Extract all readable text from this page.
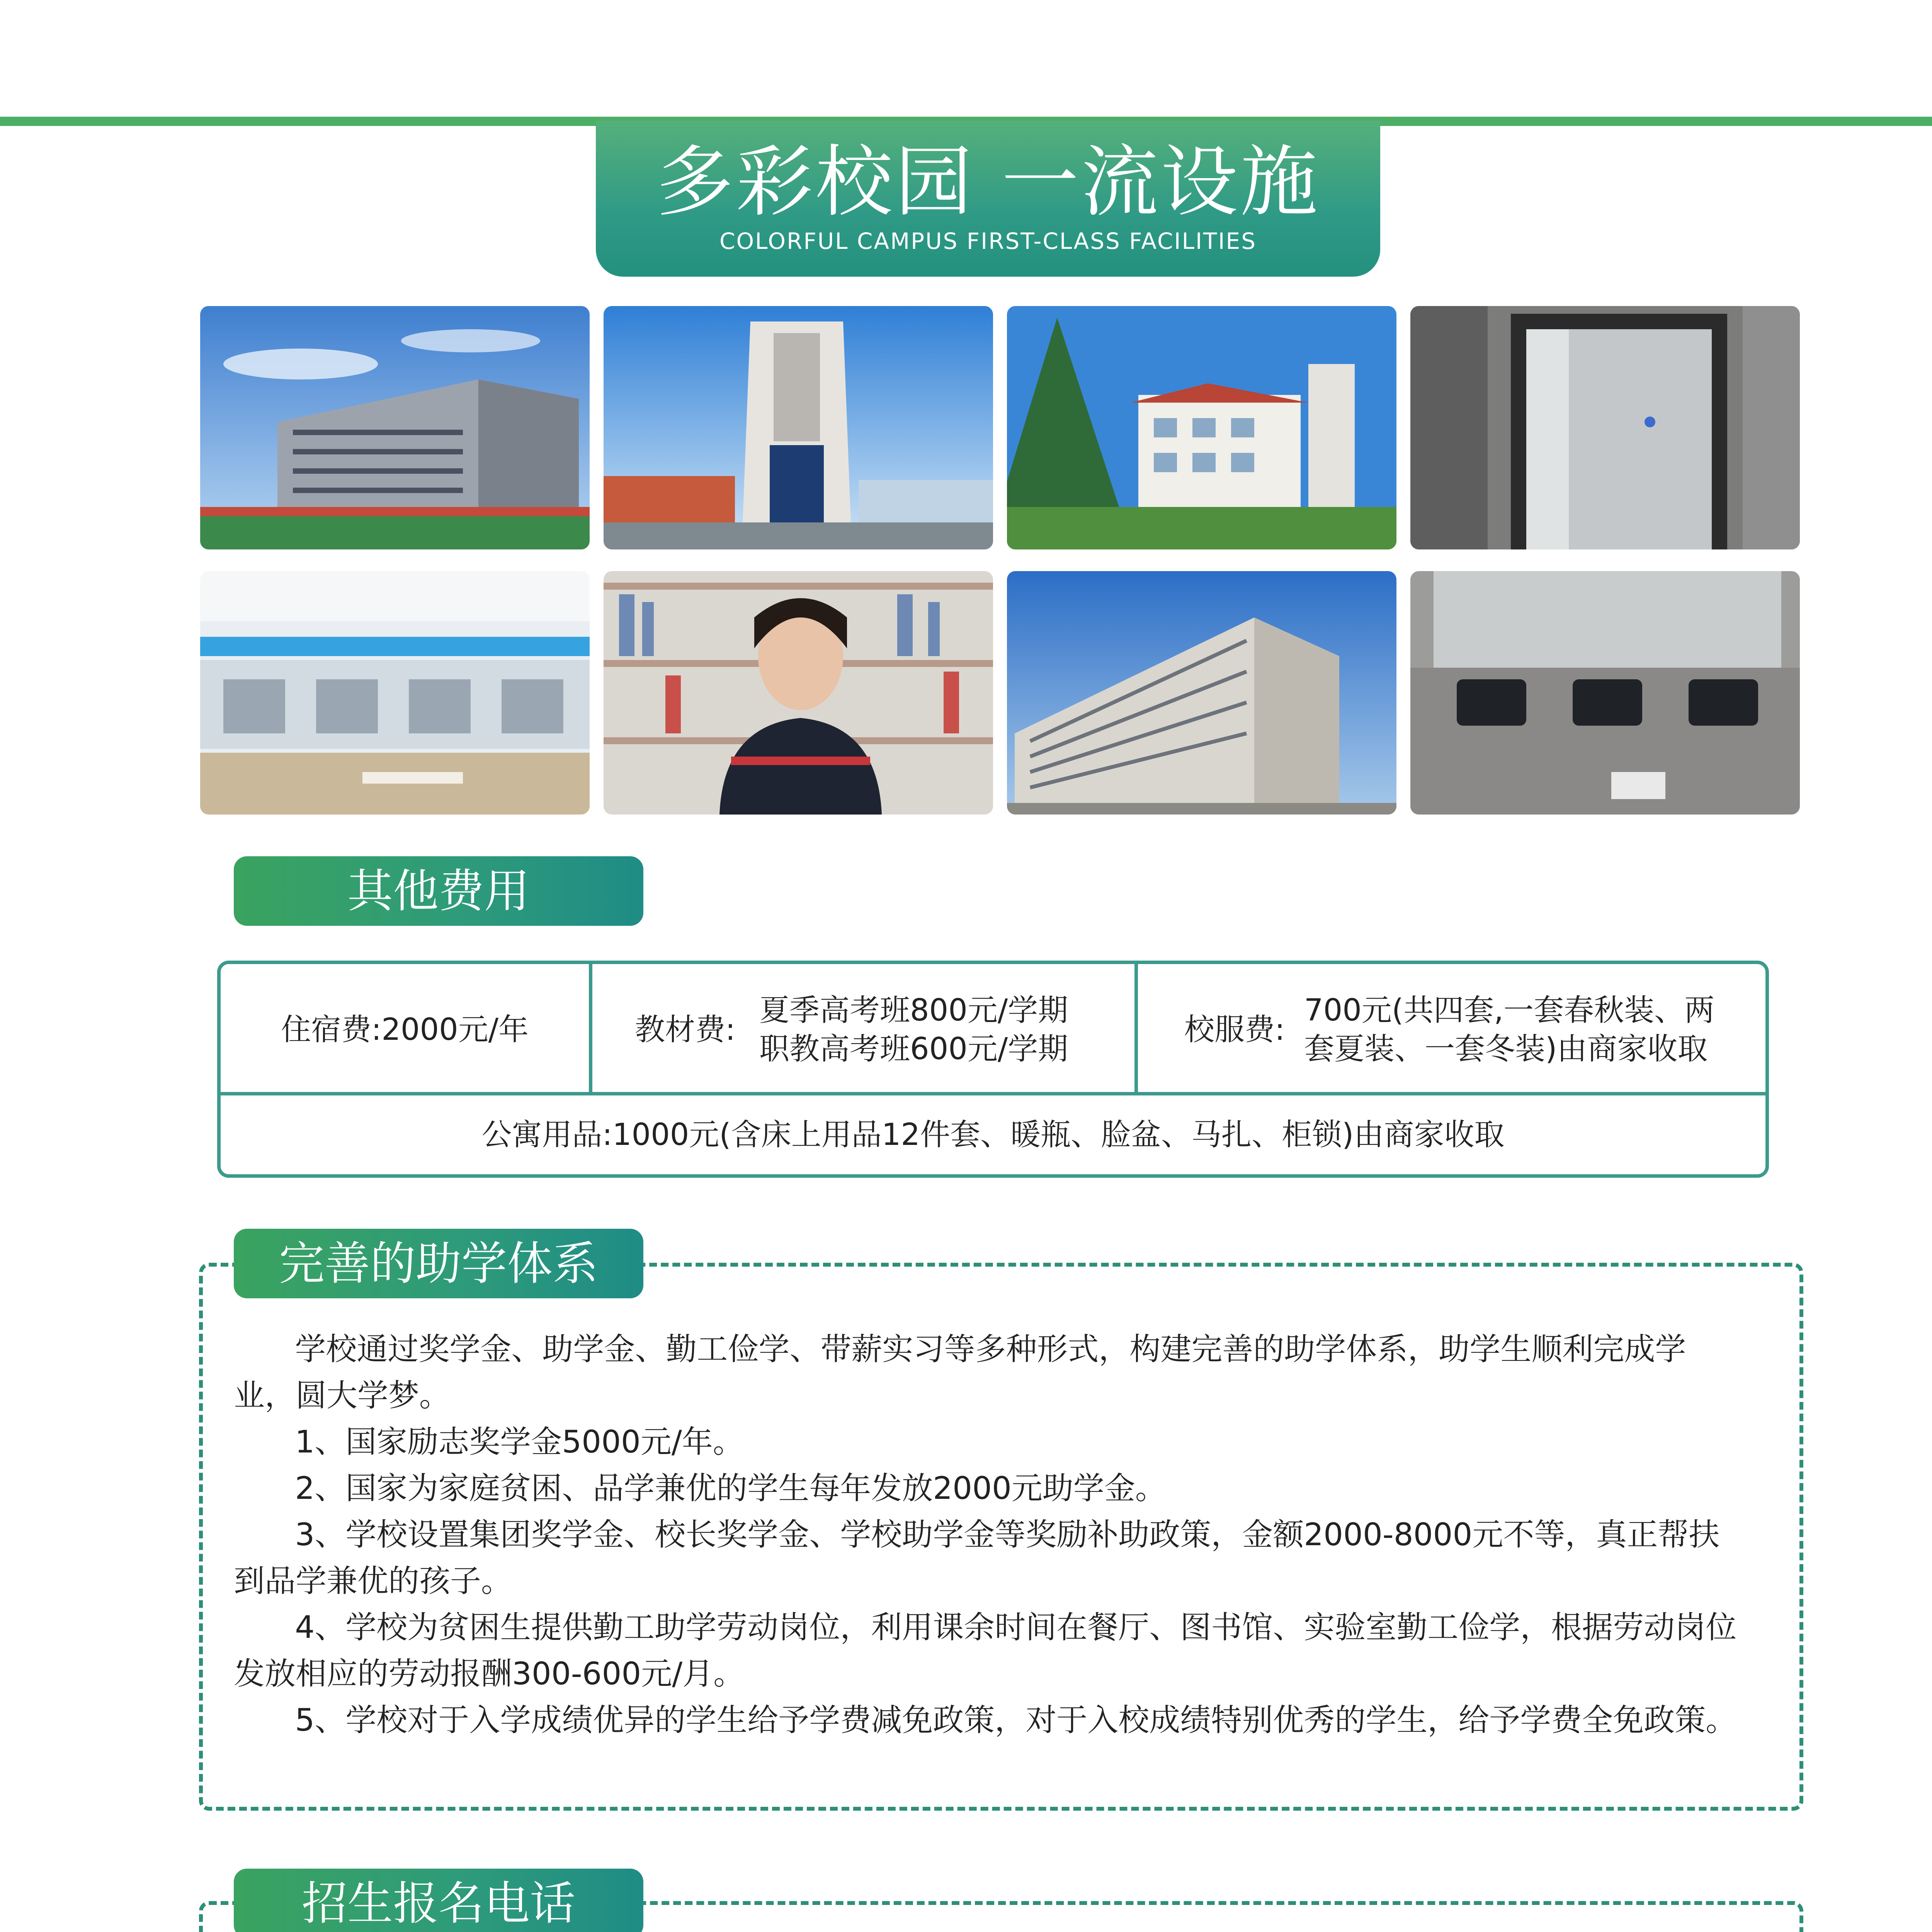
多彩校园 一流设施
COLORFUL CAMPUS FIRST-CLASS FACILITIES
其他费用
住宿费:2000元/年	教材费:
夏季高考班800元/学期
职教高考班600元/学期
校服费:
700元(共四套,一套春秋装、两
套夏装、一套冬装)由商家收取
公寓用品:1000元(含床上用品12件套、暖瓶、脸盆、马扎、柜锁)由商家收取
完善的助学体系

学校通过奖学金、助学金、勤工俭学、带薪实习等多种形式，构建完善的助学体系，助学生顺利完成学业，圆大学梦。

1、国家励志奖学金5000元/年。

2、国家为家庭贫困、品学兼优的学生每年发放2000元助学金。

3、学校设置集团奖学金、校长奖学金、学校助学金等奖励补助政策，金额2000-8000元不等，真正帮扶到品学兼优的孩子。

4、学校为贫困生提供勤工助学劳动岗位，利用课余时间在餐厅、图书馆、实验室勤工俭学，根据劳动岗位发放相应的劳动报酬300-600元/月。

5、学校对于入学成绩优异的学生给予学费减免政策，对于入校成绩特别优秀的学生，给予学费全免政策。

招生报名电话
